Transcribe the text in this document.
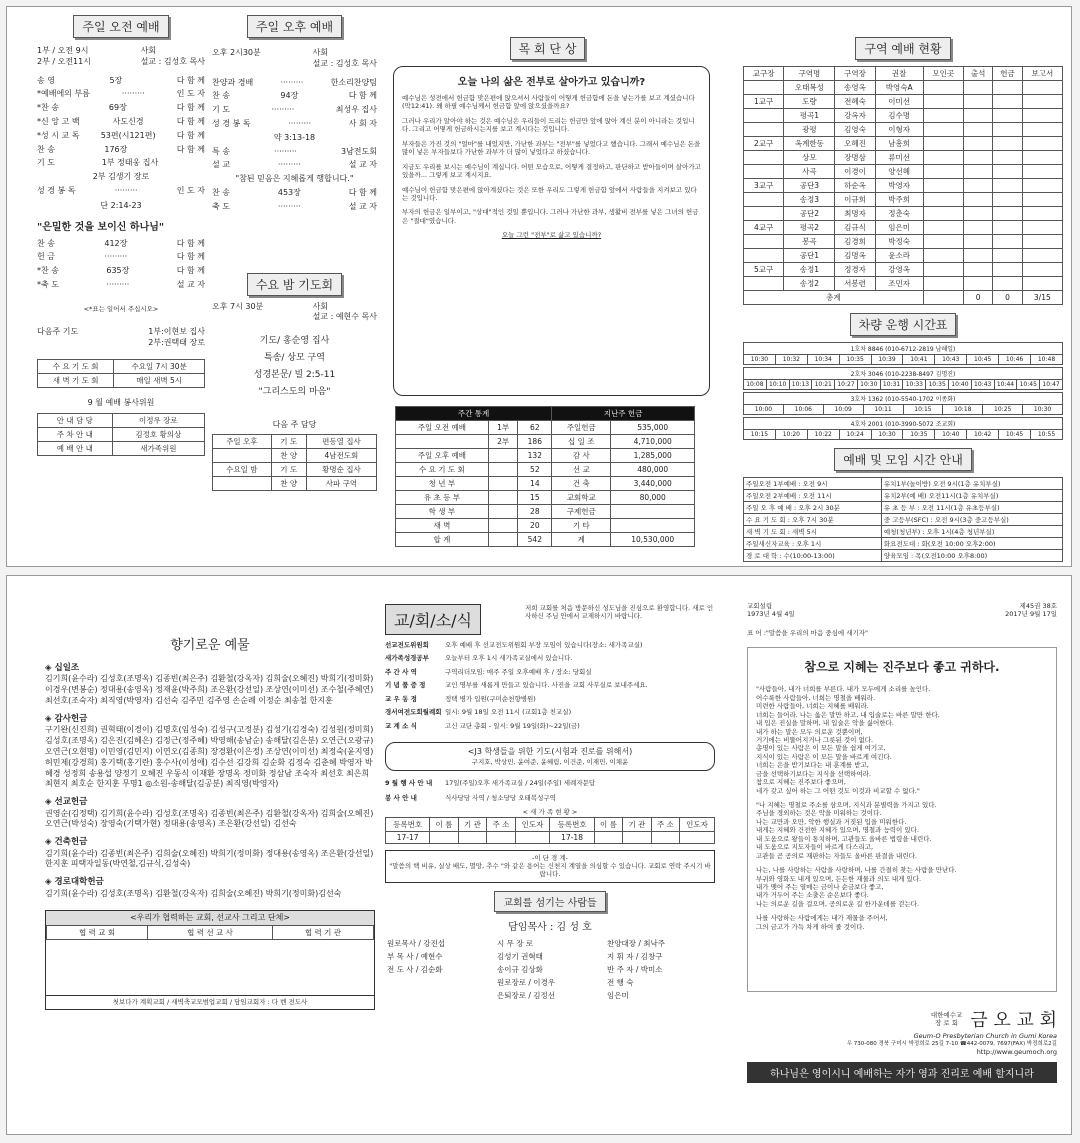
주일 오전 예배
1부 / 오전 9시
2부 / 오전11시
사회
설교 : 김성호 목사
송 영	5장	다 함 께
*예배에의 부름	·········	인 도 자
*찬 송	69장	다 함 께
*신 앙 고 백	사도신경	다 함 께
*성 시 교 독	53편(시121편)	다 함 께
찬 송	176장	다 함 께
기 도	1부 정태웅 집사
2부 김생기 장로
성 경 봉 독	·········	인 도 자
단 2:14-23
"은밀한 것을 보이신 하나님"
찬 송	412장	다 함 께
헌 금	·········	다 함 께
*찬 송	635장	다 함 께
*축 도	·········	설 교 자
<*표는 일어서 주십시오>
다음주 기도	1부:이현보 집사
2부:권택태 장로
수 요 기 도 회	수요일 7시 30분
새 벽 기 도 회	매일 새벽 5시
9 월 예배 봉사위원
안 내 담 당	이정우 장로
주 차 안 내	김정호 황의상
예 배 안 내	새가족위원
주일 오후 예배
오후 2시30분	사회
설교 : 김성호 목사
찬양과 경배	·········	한소리찬양팀
찬 송	94장	다 함 께
기 도	·········	최성우 집사
성 경 봉 독	·········	사 회 자
약 3:13-18
특 송	·········	3남전도회
설 교	·········	설 교 자
"참된 믿음은 지혜롭게 행합니다."
찬 송	453장	다 함 께
축 도	·········	설 교 자
수요 밤 기도회
오후 7시 30분	사회
설교 : 예현수 목사
기도/ 홍순영 집사
특송/ 상모 구역
성경본문/ 빌 2:5-11
"그리스도의 마음"
다음 주 담당
주일 오후	기 도	편동열 집사
	찬 양	4남전도회
수요일 밤	기 도	황명순 집사
	찬 양	사파 구역
목 회 단 상
오늘 나의 삶은 전부로 살아가고 있습니까?

예수님은 성전에서 헌금함 맞은편에 앉으셔서 사람들이 어떻게 헌금함에 돈을 넣는가를 보고 계셨습니다(막12:41). 왜 하필 예수님께서 헌금함 앞에 앉으셨을까요?

그러나 우리가 알아야 하는 것은 예수님은 우리들이 드리는 헌금만 앞에 앉아 계신 분이 아니라는 것입니다. 그리고 어떻게 헌금하시는지를 보고 계시다는 것입니다.

부자들은 가진 것의 "얼마"를 내었지만, 가난한 과부는 "전부"를 넣었다고 했습니다. 그래서 예수님은 돈을 많이 넣은 부자들보다 가난한 과부가 더 많이 넣었다고 하셨습니다.

지금도 우리를 보시는 예수님이 계십니다. 어떤 모습으로, 어떻게 결정하고, 판단하고 받아들이며 살아가고 있을까... 그렇게 보고 계시지요.

예수님이 헌금함 맞은편에 앉아계셨다는 것은 또한 우리도 그렇게 헌금함 앞에서 사람들을 지켜보고 있다는 것입니다.

부자의 헌금은 일부이고, "상대"적인 것일 뿐입니다. 그러나 가난한 과부, 생활비 전부를 넣은 그녀의 헌금은 "절대"였습니다.

오늘 그런 "전부"로 삶고 있습니까?
주간 통계			지난주 헌금	
주일 오전 예배	1부	62	주일헌금	535,000
	2부	186	십 일 조	4,710,000
주일 오후 예배		132	감 사	1,285,000
수 요 기 도 회		52	선 교	480,000
청 년 부		14	건 축	3,440,000
유 초 등 부		15	교회학교	80,000
학 생 부		28	구제헌금	
새 벽		20	기 타	
합 계		542	계	10,530,000
구역 예배 현황
교구장	구역명	구역장	권찰	모인곳	출석	헌금	보고서
	오태복성	송영옥	박영숙A				
1교구	도량	전혜숙	이미선				
	평곡1	강옥자	김수명				
	광평	김영숙	이형자				
2교구	옥계한동	오혜진	남흥희				
	상모	장명삼	류미선				
	사곡	이경이	양선혜				
3교구	공단3	하순옥	박영자				
	송정3	이규희	박주희				
	공단2	최명자	정춘숙				
4교구	평곡2	김규식	임은미				
	봉곡	김경희	박정숙				
	공단1	김명옥	윤소라				
5교구	송정1	정경자	강영옥				
	송정2	서봉련	조민자				
총계					0	0	3/15
차량 운행 시간표
1호차 8846 (010-6712-2819 남해일)
10:30	10:32	10:34	10:35	10:39	10:41	10:43	10:45	10:46	10:48
2호차 3046 (010-2238-8497 김명진)
10:08	10:10	10:13	10:21	10:27	10:30	10:31	10:33	10:35	10:40	10:43	10:44	10:45	10:47
3호차 1362 (010-5540-1702 이종화)
10:00	10:06	10:09	10:11	10:15	10:18	10:25	10:30
4호차 2001 (010-3990-5072 조교회)
10:15	10:20	10:22	10:24	10:30	10:35	10:40	10:42	10:45	10:55
예배 및 모임 시간 안내
주일오전 1부예배 : 오전 9시	유치1부(놀이방) 오전 9시(1층 유치부실)
주일오전 2부예배 : 오전 11시	유치2부(예 배) 오전11시(1층 유치부실)
주일 오 후 예 배 : 오후 2시 30분	유 초 등 부 : 오전 11시(1층 유초등부실)
수 요 기 도 회 : 오후 7시 30분	중 고등부(SFC) : 오전 9시(3층 중고등부실)
새 벽 기 도 회 : 새벽 5시	예청(청년부) : 오후 1시(4층 청년부실)
주일새신자교육 : 오후 1시	화요전도대 : 화(오전 10:00 오후2:00)
경 로 대 학 : 수(10:00-13:00)	양육모임 : 목(오전10:00 오후8:00)
향기로운 예물
◈ 십일조
김기희(윤수라) 김성호(조명옥) 김종빈(최은주) 김환철(강옥자) 김희술(오혜진) 박희기(정미화) 이경우(변봉순) 정대용(송영옥) 정재윤(박주희) 조은환(강선일) 조상연(이미선) 조수철(주혜연) 최선호(조숙자) 최직영(박영자) 김선숙 김주민 김주영 손순례 이정순 최송철 한지훈
◈ 감사헌금
구기완(신진희) 권혁태(이경이) 김명호(임성숙) 김성구(고정분) 김성기(김경숙) 김성원(정미희) 김성호(조명옥) 김은진(김혜은) 김정근(정주혜) 박영해(송남순) 송해달(김은분) 오연근(오광규) 오연근(오현명) 이민영(김민지) 이연오(김종희) 장경환(이은정) 조상연(이미선) 최정숙(윤지영) 허민제(강경희) 홍기택(홍기란) 홍수사(이성애) 김수선 김강희 김순화 김정숙 김춘혜 박영자 박혜경 성정희 송용섭 양정기 오혜진 우동식 이재환 장명옥 정미화 정삼남 조숙자 최선호 최은희 최현지 최호순 한지훈 무명1 ◎소원-송해달(김공분) 최직영(박영자)
◈ 선교헌금
권영순(김정택) 김기희(윤수라) 김성호(조명옥) 김종빈(최은주) 김환철(강옥자) 김희술(오혜진) 오연근(박성숙) 장영숙(기택가현) 정대용(송영옥) 조은환(강선일) 김선숙
◈ 건축헌금
김기희(윤수라) 김종빈(최은주) 김희술(오혜진) 박희기(정미화) 정대용(송영옥) 조은환(강선일) 한지훈 피택자일동(박연철,김규식,김성숙)
◈ 경로대학헌금
김기희(윤수라) 김성호(조명옥) 김환철(강옥자) 김희술(오혜진) 박희기(정미화)김선숙
<우리가 협력하는 교회, 선교사 그리고 단체>
협 력 교 회	협 력 선 교 사	협 력 기 관
첫보다가 계획교회 / 새벽축교모범업교회 / 담임교회자 : 다 벤 전도사
교/회/소/식
저희 교회를 처음 방문하신 성도님을 진심으로 환영합니다. 새로 인사하신 주님 안에서 교제하시기 바랍니다.
선교전도위원회 오후 예배 후 선교전도위원회 부장 모임이 있습니다(장소: 새가족교실)
새가족성경공부 오늘부터 오후 1시 새가족교실에서 있습니다.
주 간 사 역	구역리더모임: 매주 주일 오후예배 후 / 장소: 당회실
기 념 품 증 정	교인 명부를 새롭게 만들고 있습니다. 사진을 교회 사무실로 보내주세요.
교 우 동 정	정택 병가 입원(구미순천향병원)
경서여전도회월례회 일시: 9월 18일 오전 11시 (교회1층 친교실)
교 계 소 식	고신 교단 총회 - 일시: 9월 19일(화)~22일(금)
<J3 학생들을 위한 기도(시험과 진로를 위해서)
구지호, 박상민, 윤여준, 윤혜림, 이건준, 이재민, 이채윤
9 월 행 사 안 내 17일(주일)오후 새가족교실 / 24일(주일) 세례자문답
봉 사 안 내	식사당당 사역 / 청소당당 오태복성구역
< 새 가 족 현 황 >
등록번호	이 름	기 관	주 소	인도자	등록번호	이 름	기 관	주 소	인도자
17-17					17-18				
-이 단 경 계-
"말씀의 핵 비유, 실상 배도, 멸망, 추수 "와 같은 용어는 신천지 계열을 의심할 수 있습니다. 교회로 연락 주시기 바랍니다.
교회를 섬기는 사람들
담임목사 : 김 성 호
원로목사 / 강진섭	시 무 장 로	찬양대장 / 최낙주
부 목 사 / 예현수	김성기 권혁태	지 휘 자 / 김창구
전 도 사 / 김순화	송이규 김상화	반 주 자 / 박미소
	원로장로 / 이경우	전 행 숙
	은퇴장로 / 김정선	임은미
교회설립
1973년 4월 4일
제45권 38호
2017년 9월 17일
표 어 :"말씀을 우리의 마음 중심에 새기자"
참으로 지혜는 진주보다 좋고 귀하다.
"사람들아, 내가 너희를 부른다. 내가 모두에게 소리를 높인다.
어수룩한 사람들아, 너희는 명철을 배워라.
미련한 사람들아, 너희는 지혜를 배워라.
너희는 들어라. 나는 옳은 말만 하고, 내 입술로는 바른 말만 한다.
내 입은 진실을 말하며, 내 입술은 악을 싫어한다.
내가 하는 말은 모두 의로운 것뿐이며,
거기에는 비뚤어지거나 그릇된 것이 없다.
총명이 있는 사람은 이 모든 말을 쉽게 여기고,
지식이 있는 사람은 이 모든 말을 바르게 여긴다.
너희는 은을 받기보다는 내 훈계를 받고,
금을 선택하기보다는 지식을 선택하여라.
참으로 지혜는 진주보다 좋으며,
네가 갖고 싶어 하는 그 어떤 것도 이것과 비교할 수 없다."
"나 지혜는 명철로 주소를 삼으며, 지식과 분별력을 가지고 있다.
주님을 경외하는 것은 악을 미워하는 것이다.
나는 교만과 오만, 악한 행실과 거짓된 입을 미워한다.
내게는 지혜와 건전한 지혜가 있으며, 명철과 능력이 있다.
내 도움으로 왕들이 통치하며, 고관들도 올바른 법령을 내린다.
내 도움으로 지도자들이 바르게 다스리고,
고관들 곧 공의로 재판하는 자들도 올바른 판결을 내린다.
나는, 나를 사랑하는 사람을 사랑하며, 나를 간절히 찾는 사람을 만난다.
부귀와 영화도 내게 있으며, 든든한 재물과 의도 내게 있다.
내가 맺어 주는 열매는 금이나 순금보다 좋고,
내가 거두어 주는 소출은 순은보다 좋다.
나는 의로운 길을 걸으며, 공의로운 길 한가운데를 걷는다.
나를 사랑하는 사람에게는 내가 재물을 주어서,
그의 금고가 가득 차게 하여 줄 것이다.
대한예수교
장 로 회 금 오 교 회
Geum-O Presbyterian Church in Gumi Korea
우 730-080 경북 구미시 박정희로 25길 7-10 ☎442-0079, 7697(FAX) 박정희로2길
http://www.geumoch.org
하나님은 영이시니 예배하는 자가 영과 진리로 예배 할지니라
